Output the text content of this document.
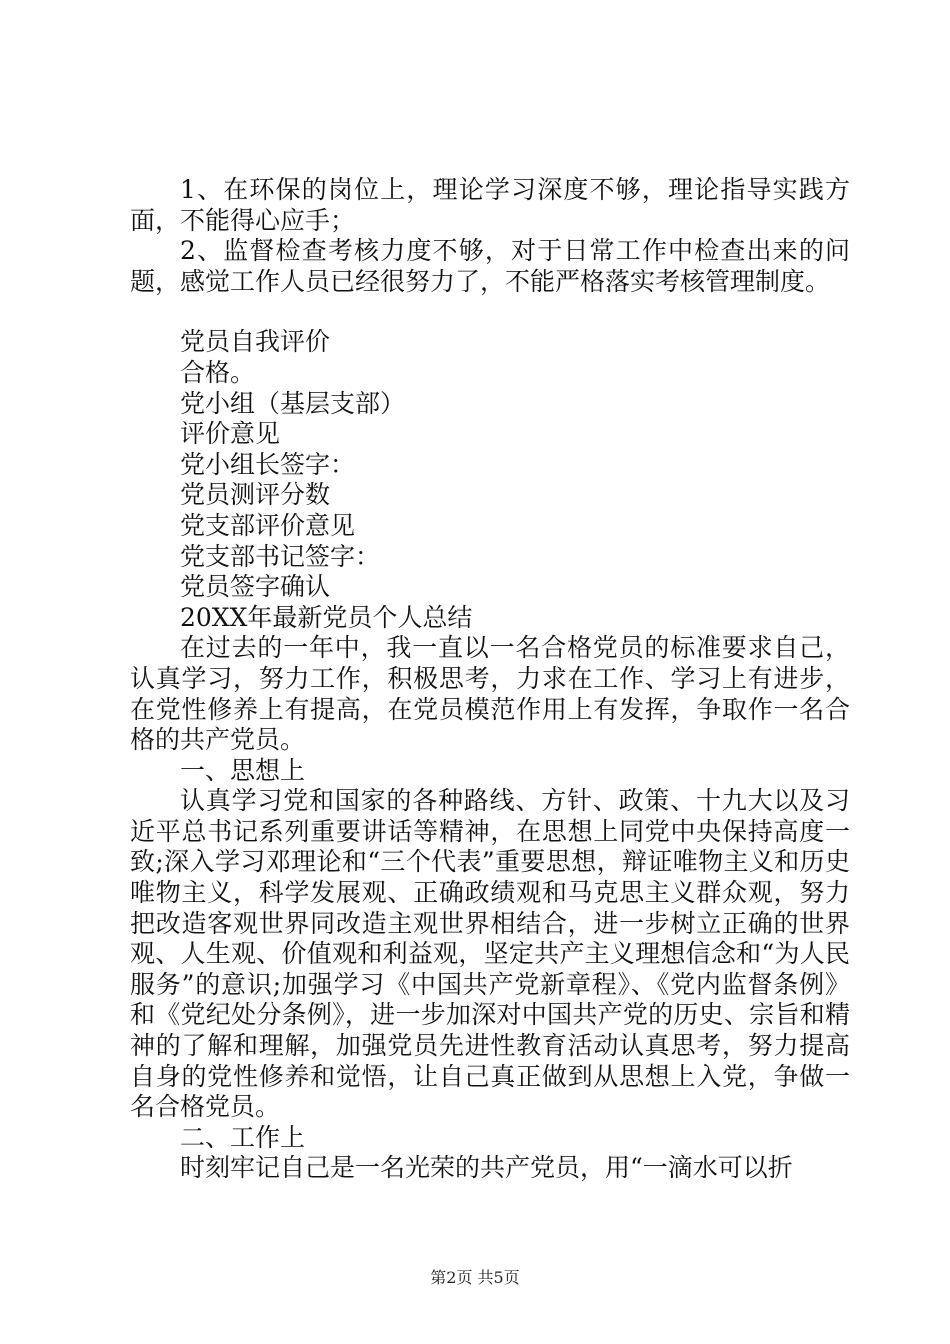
1、在环保的岗位上，理论学习深度不够，理论指导实践方面，不能得心应手；

2、监督检查考核力度不够，对于日常工作中检查出来的问题，感觉工作人员已经很努力了，不能严格落实考核管理制度。

党员自我评价

合格。

党小组（基层支部）

评价意见

党小组长签字：

党员测评分数

党支部评价意见

党支部书记签字：

党员签字确认

20XX年最新党员个人总结

在过去的一年中，我一直以一名合格党员的标准要求自己，认真学习，努力工作，积极思考，力求在工作、学习上有进步，在党性修养上有提高，在党员模范作用上有发挥，争取作一名合格的共产党员。

一、思想上

认真学习党和国家的各种路线、方针、政策、十九大以及习近平总书记系列重要讲话等精神，在思想上同党中央保持高度一致;深入学习邓理论和“三个代表”重要思想，辩证唯物主义和历史唯物主义，科学发展观、正确政绩观和马克思主义群众观，努力把改造客观世界同改造主观世界相结合，进一步树立正确的世界观、人生观、价值观和利益观，坚定共产主义理想信念和“为人民服务”的意识;加强学习《中国共产党新章程》、《党内监督条例》和《党纪处分条例》，进一步加深对中国共产党的历史、宗旨和精神的了解和理解，加强党员先进性教育活动认真思考，努力提高自身的党性修养和觉悟，让自己真正做到从思想上入党，争做一名合格党员。

二、工作上

时刻牢记自己是一名光荣的共产党员，用“一滴水可以折

第2页 共5页
